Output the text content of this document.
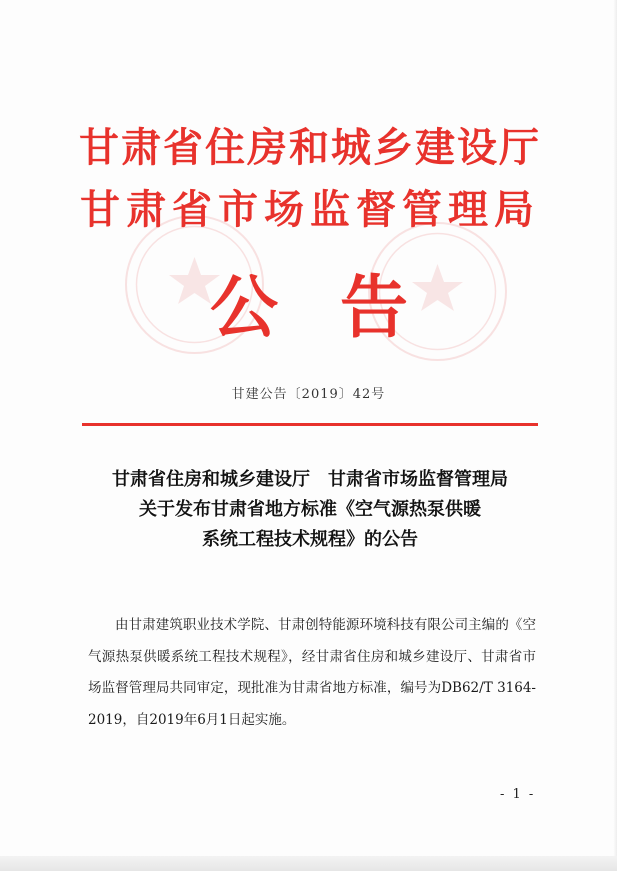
甘肃省住房和城乡建设厅
甘肃省市场监督管理局
公 告
甘建公告〔2019〕42号
甘肃省住房和城乡建设厅　甘肃省市场监督管理局
关于发布甘肃省地方标准《空气源热泵供暖
系统工程技术规程》的公告
由甘肃建筑职业技术学院、甘肃创特能源环境科技有限公司主编的《空气源热泵供暖系统工程技术规程》，经甘肃省住房和城乡建设厅、甘肃省市场监督管理局共同审定，现批准为甘肃省地方标准，编号为DB62/T 3164-2019，自2019年6月1日起实施。
- 1 -
